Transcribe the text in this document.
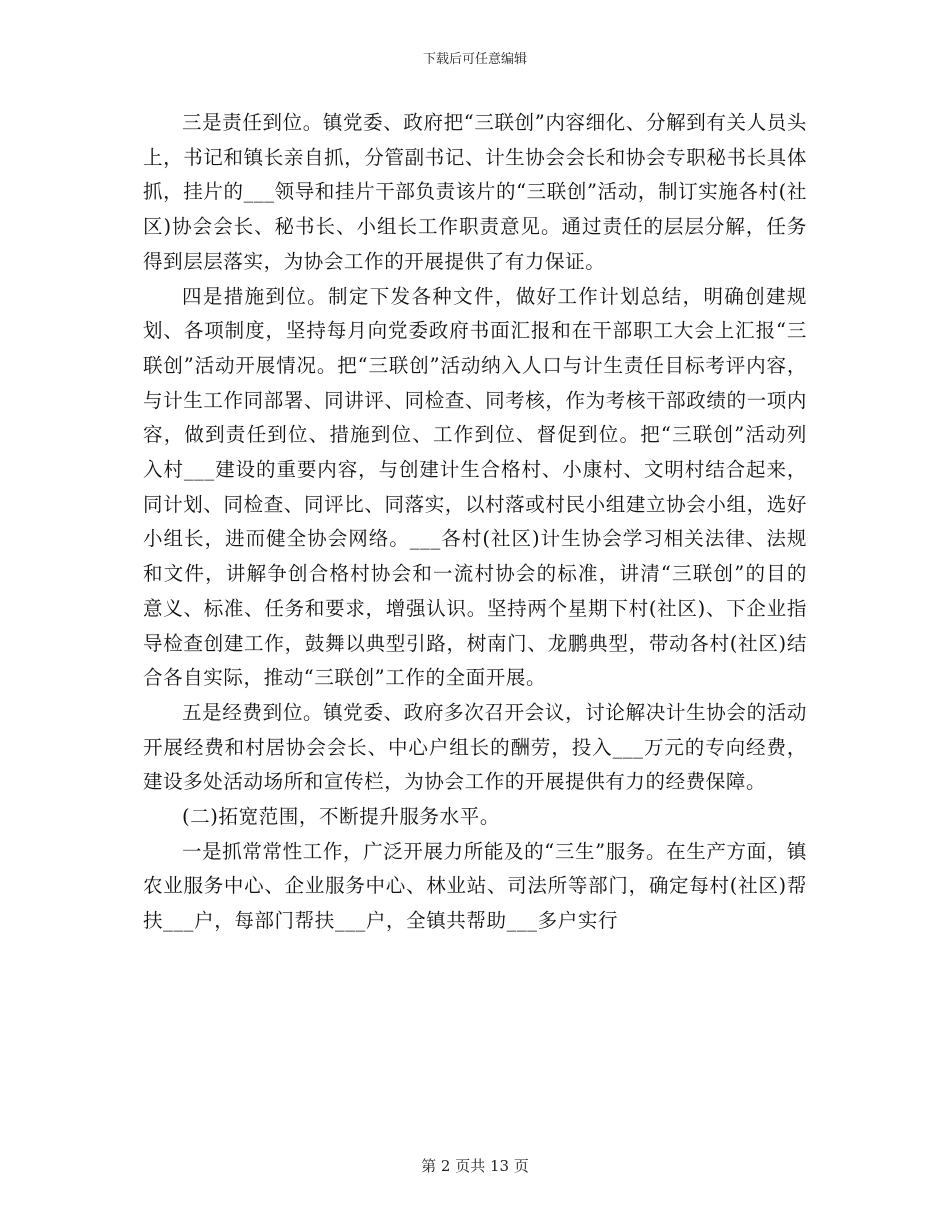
下载后可任意编辑

三是责任到位。镇党委、政府把“三联创”内容细化、分解到有关人员头上，书记和镇长亲自抓，分管副书记、计生协会会长和协会专职秘书长具体抓，挂片的___领导和挂片干部负责该片的“三联创”活动，制订实施各村(社区)协会会长、秘书长、小组长工作职责意见。通过责任的层层分解，任务得到层层落实，为协会工作的开展提供了有力保证。

四是措施到位。制定下发各种文件，做好工作计划总结，明确创建规划、各项制度，坚持每月向党委政府书面汇报和在干部职工大会上汇报“三联创”活动开展情况。把“三联创”活动纳入人口与计生责任目标考评内容，与计生工作同部署、同讲评、同检查、同考核，作为考核干部政绩的一项内容，做到责任到位、措施到位、工作到位、督促到位。把“三联创”活动列入村___建设的重要内容，与创建计生合格村、小康村、文明村结合起来，同计划、同检查、同评比、同落实，以村落或村民小组建立协会小组，选好小组长，进而健全协会网络。___各村(社区)计生协会学习相关法律、法规和文件，讲解争创合格村协会和一流村协会的标准，讲清“三联创”的目的意义、标准、任务和要求，增强认识。坚持两个星期下村(社区)、下企业指导检查创建工作，鼓舞以典型引路，树南门、龙鹏典型，带动各村(社区)结合各自实际，推动“三联创”工作的全面开展。

五是经费到位。镇党委、政府多次召开会议，讨论解决计生协会的活动开展经费和村居协会会长、中心户组长的酬劳，投入___万元的专向经费，建设多处活动场所和宣传栏，为协会工作的开展提供有力的经费保障。

(二)拓宽范围，不断提升服务水平。

一是抓常常性工作，广泛开展力所能及的“三生”服务。在生产方面，镇农业服务中心、企业服务中心、林业站、司法所等部门，确定每村(社区)帮扶___户，每部门帮扶___户，全镇共帮助___多户实行

第 2 页共 13 页
